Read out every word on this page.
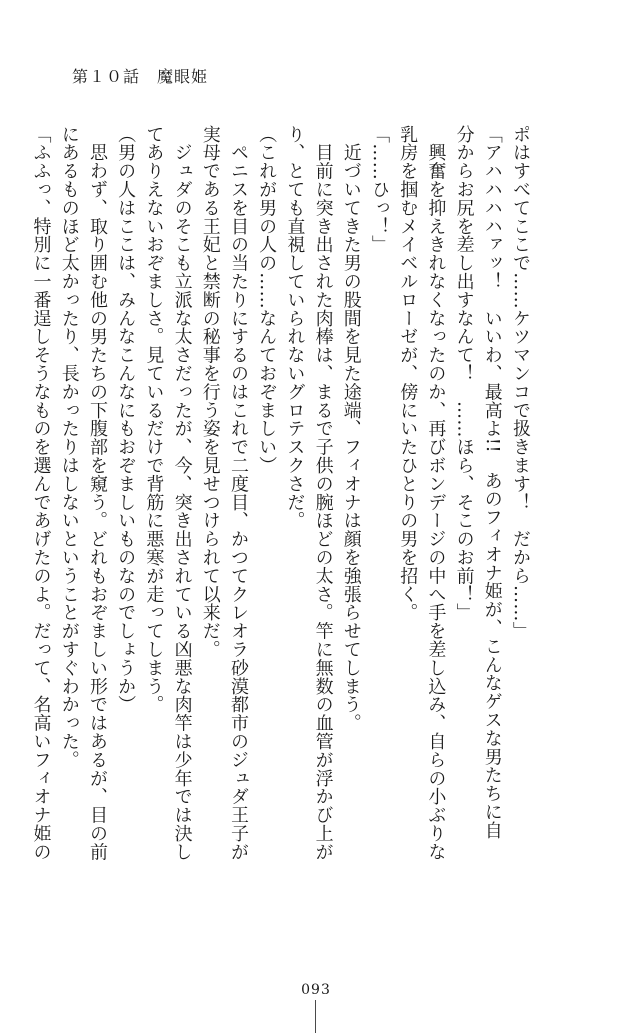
第１０話　魔眼姫
ポはすべてここで……ケツマンコで扱きます！　だから……」
「アハハハハァッ！　いいわ、最高よ!!　あのフィオナ姫が、こんなゲスな男たちに自
分からお尻を差し出すなんて！　……ほら、そこのお前！」
　興奮を抑えきれなくなったのか、再びボンデージの中へ手を差し込み、自らの小ぶりな
乳房を掴むメイベルローゼが、傍にいたひとりの男を招く。
「……ひっ！」
　近づいてきた男の股間を見た途端、フィオナは顔を強張らせてしまう。
　目前に突き出された肉棒は、まるで子供の腕ほどの太さ。竿に無数の血管が浮かび上が
り、とても直視していられないグロテスクさだ。
（これが男の人の……なんておぞましい）
　ペニスを目の当たりにするのはこれで二度目、かつてクレオラ砂漠都市のジュダ王子が
実母である王妃と禁断の秘事を行う姿を見せつけられて以来だ。
　ジュダのそこも立派な太さだったが、今、突き出されている凶悪な肉竿は少年では決し
てありえないおぞましさ。見ているだけで背筋に悪寒が走ってしまう。
（男の人はここは、みんなこんなにもおぞましいものなのでしょうか）
　思わず、取り囲む他の男たちの下腹部を窺う。どれもおぞましい形ではあるが、目の前
にあるものほど太かったり、長かったりはしないということがすぐわかった。
「ふふっ、特別に一番逞しそうなものを選んであげたのよ。だって、名高いフィオナ姫の
093
